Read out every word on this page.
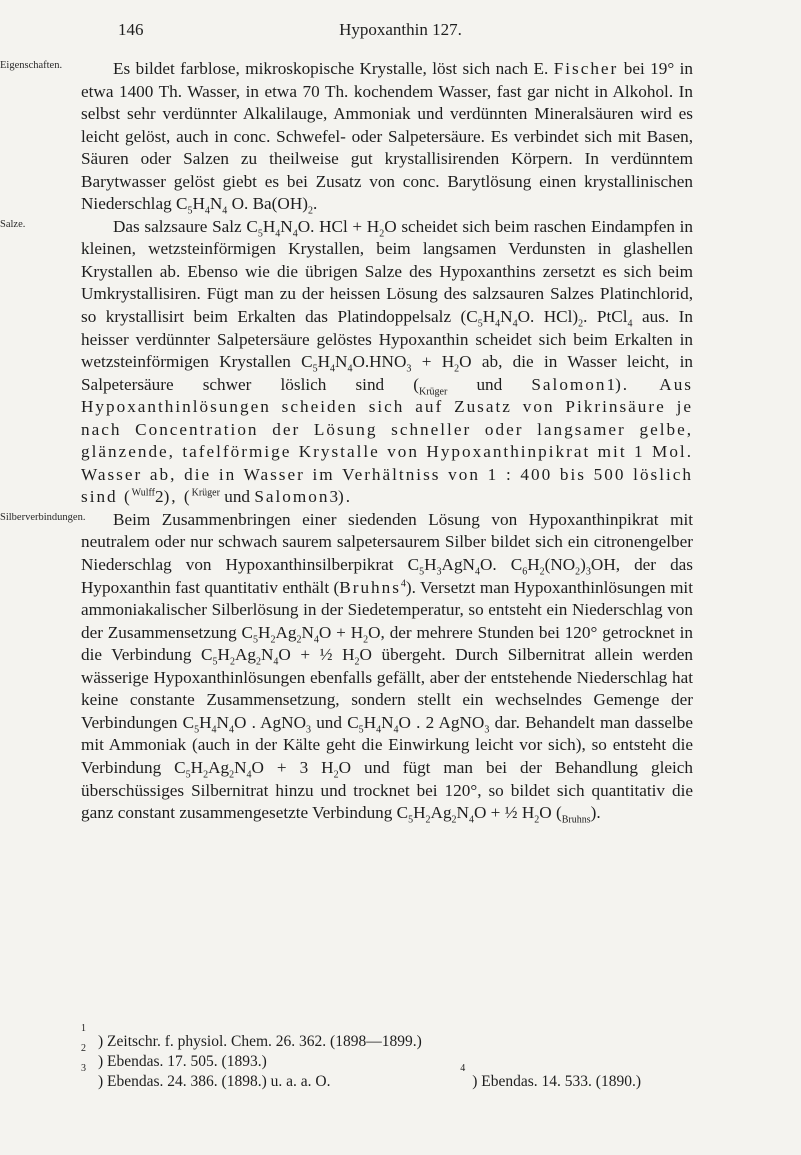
146	Hypoxanthin 127.

Eigenschaften.	Es bildet farblose, mikroskopische Krystalle, löst sich nach E. Fischer bei 19° in etwa 1400 Th. Wasser, in etwa 70 Th. kochendem Wasser, fast gar nicht in Alkohol. In selbst sehr verdünnter Alkalilauge, Ammoniak und verdünnten Mineralsäuren wird es leicht gelöst, auch in conc. Schwefel- oder Salpetersäure. Es verbindet sich mit Basen, Säuren oder Salzen zu theilweise gut krystallisirenden Körpern. In verdünntem Barytwasser gelöst giebt es bei Zusatz von conc. Barytlösung einen krystallinischen Niederschlag $C_5H_4N_4$ O. $Ba(OH)_2$.

Salze.	Das salzsaure Salz $C_5H_4N_4O$. HCl + $H_2O$ scheidet sich beim raschen Eindampfen in kleinen, wetzsteinförmigen Krystallen, beim langsamen Verdunsten in glashellen Krystallen ab. Ebenso wie die übrigen Salze des Hypoxanthins zersetzt es sich beim Umkrystallisiren. Fügt man zu der heissen Lösung des salzsauren Salzes Platinchlorid, so krystallisirt beim Erkalten das Platindoppelsalz ($C_5H_4N_4O$. $HCl)_2$. PtCl$_4$ aus. In heisser verdünnter Salpetersäure gelöstes Hypoxanthin scheidet sich beim Erkalten in wetzsteinförmigen Krystallen $C_5H_4N_4O.HNO_3 + H_2O$ ab, die in Wasser leicht, in Salpetersäure schwer löslich sind ($_{Krüger}$ und Salomon1). Aus Hypoxanthinlösungen scheiden sich auf Zusatz von Pikrinsäure je nach Concentration der Lösung schneller oder langsamer gelbe, glänzende, tafelförmige Krystalle von Hypoxanthinpikrat mit 1 Mol. Wasser ab, die in Wasser im Verhältniss von 1 : 400 bis 500 löslich sind ($^{Wulff}$2), ($^{Krüger}$ und Salomon3).

Silberverbindungen. Beim Zusammenbringen einer siedenden Lösung von Hypoxanthinpikrat mit neutralem oder nur schwach saurem salpetersaurem Silber bildet sich ein citronengelber Niederschlag von Hypoxanthinsilberpikrat $C_5H_3AgN_4O$. $C_6H_2(NO_2)_3OH$, der das Hypoxanthin fast quantitativ enthält (Bruhns$^4$). Versetzt man Hypoxanthinlösungen mit ammoniakalischer Silberlösung in der Siedetemperatur, so entsteht ein Niederschlag von der Zusammensetzung $C_5H_2Ag_2N_4O + H_2O$, der mehrere Stunden bei 120° getrocknet in die Verbindung $C_5H_2Ag_2N_4O$ + ½ $H_2O$ übergeht. Durch Silbernitrat allein werden wässerige Hypoxanthinlösungen ebenfalls gefällt, aber der entstehende Niederschlag hat keine constante Zusammensetzung, sondern stellt ein wechselndes Gemenge der Verbindungen $C_5H_4N_4O$ . AgNO$_3$ und $C_5H_4N_4O$ . 2 AgNO$_3$ dar. Behandelt man dasselbe mit Ammoniak (auch in der Kälte geht die Einwirkung leicht vor sich), so entsteht die Verbindung $C_5H_2Ag_2N_4O + 3$ $H_2O$ und fügt man bei der Behandlung gleich überschüssiges Silbernitrat hinzu und trocknet bei 120°, so bildet sich quantitativ die ganz constant zusammengesetzte Verbindung $C_5H_2Ag_2N_4O$ + ½ $H_2O$ $(_{Bruhns})$.

1
) Zeitschr. f. physiol. Chem. 26. 362. (1898—1899.)

2
) Ebendas. 17. 505. (1893.)

3
) Ebendas. 24. 386. (1898.) u. a. a. O.

4
) Ebendas. 14. 533. (1890.)
